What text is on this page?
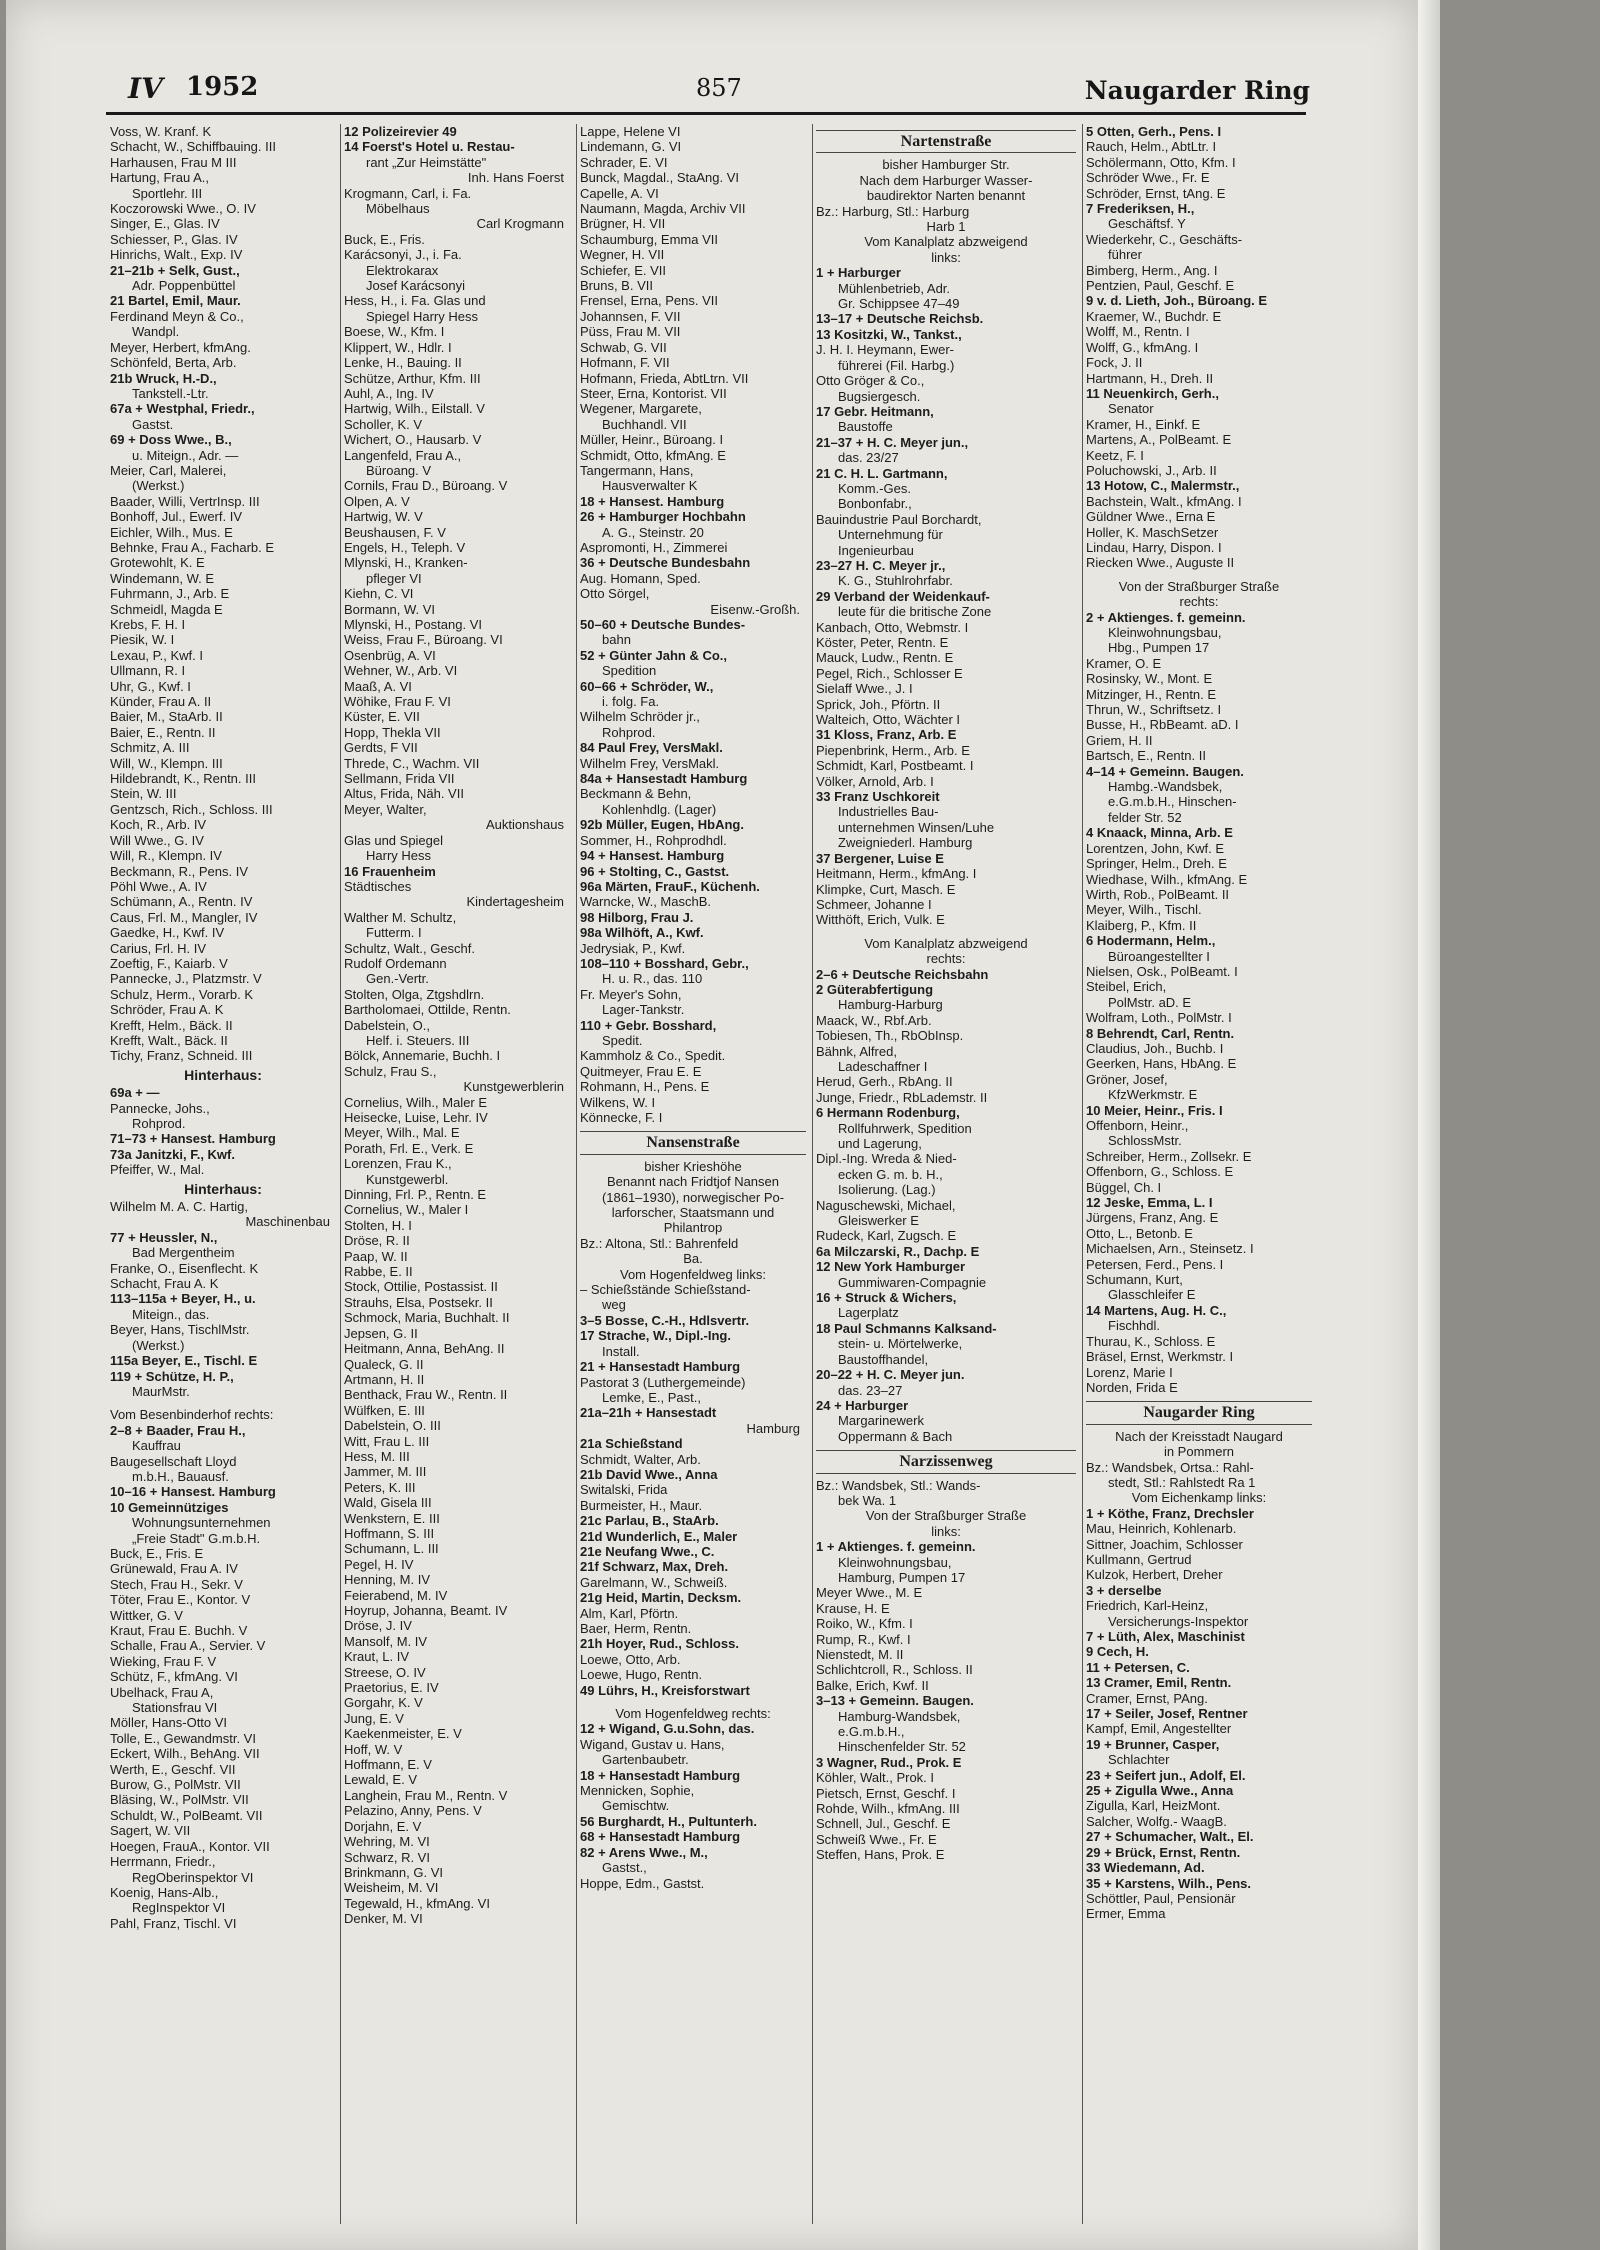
IV 1952	857	Naugarder Ring
Voss, W. Kranf. K
Schacht, W., Schiffbauing. III
Harhausen, Frau M III
Hartung, Frau A.,
Sportlehr. III
Koczorowski Wwe., O. IV
Singer, E., Glas. IV
Schiesser, P., Glas. IV
Hinrichs, Walt., Exp. IV
21–21b + Selk, Gust.,
Adr. Poppenbüttel
21 Bartel, Emil, Maur.
Ferdinand Meyn & Co.,
Wandpl.
Meyer, Herbert, kfmAng.
Schönfeld, Berta, Arb.
21b Wruck, H.-D.,
Tankstell.-Ltr.
67a + Westphal, Friedr.,
Gastst.
69 + Doss Wwe., B.,
u. Miteign., Adr. —
Meier, Carl, Malerei,
(Werkst.)
Baader, Willi, VertrInsp. III
Bonhoff, Jul., Ewerf. IV
Eichler, Wilh., Mus. E
Behnke, Frau A., Facharb. E
Grotewohlt, K. E
Windemann, W. E
Fuhrmann, J., Arb. E
Schmeidl, Magda E
Krebs, F. H. I
Piesik, W. I
Lexau, P., Kwf. I
Ullmann, R. I
Uhr, G., Kwf. I
Künder, Frau A. II
Baier, M., StaArb. II
Baier, E., Rentn. II
Schmitz, A. III
Will, W., Klempn. III
Hildebrandt, K., Rentn. III
Stein, W. III
Gentzsch, Rich., Schloss. III
Koch, R., Arb. IV
Will Wwe., G. IV
Will, R., Klempn. IV
Beckmann, R., Pens. IV
Pöhl Wwe., A. IV
Schümann, A., Rentn. IV
Caus, Frl. M., Mangler, IV
Gaedke, H., Kwf. IV
Carius, Frl. H. IV
Zoeftig, F., Kaiarb. V
Pannecke, J., Platzmstr. V
Schulz, Herm., Vorarb. K
Schröder, Frau A. K
Krefft, Helm., Bäck. II
Krefft, Walt., Bäck. II
Tichy, Franz, Schneid. III
Hinterhaus:
69a + —
Pannecke, Johs.,
Rohprod.
71–73 + Hansest. Hamburg
73a Janitzki, F., Kwf.
Pfeiffer, W., Mal.
Hinterhaus:
Wilhelm M. A. C. Hartig,
Maschinenbau
77 + Heussler, N.,
Bad Mergentheim
Franke, O., Eisenflecht. K
Schacht, Frau A. K
113–115a + Beyer, H., u.
Miteign., das.
Beyer, Hans, TischlMstr.
(Werkst.)
115a Beyer, E., Tischl. E
119 + Schütze, H. P.,
MaurMstr.
Vom Besenbinderhof rechts:
2–8 + Baader, Frau H.,
Kauffrau
Baugesellschaft Lloyd
m.b.H., Bauausf.
10–16 + Hansest. Hamburg
10 Gemeinnütziges
Wohnungsunternehmen
„Freie Stadt" G.m.b.H.
Buck, E., Fris. E
Grünewald, Frau A. IV
Stech, Frau H., Sekr. V
Töter, Frau E., Kontor. V
Wittker, G. V
Kraut, Frau E. Buchh. V
Schalle, Frau A., Servier. V
Wieking, Frau F. V
Schütz, F., kfmAng. VI
Ubelhack, Frau A,
Stationsfrau VI
Möller, Hans-Otto VI
Tolle, E., Gewandmstr. VI
Eckert, Wilh., BehAng. VII
Werth, E., Geschf. VII
Burow, G., PolMstr. VII
Bläsing, W., PolMstr. VII
Schuldt, W., PolBeamt. VII
Sagert, W. VII
Hoegen, FrauA., Kontor. VII
Herrmann, Friedr.,
RegOberinspektor VI
Koenig, Hans-Alb.,
RegInspektor VI
Pahl, Franz, Tischl. VI
12 Polizeirevier 49
14 Foerst's Hotel u. Restau-
rant „Zur Heimstätte"
Inh. Hans Foerst
Krogmann, Carl, i. Fa.
Möbelhaus
Carl Krogmann
Buck, E., Fris.
Karácsonyi, J., i. Fa.
Elektrokarax
Josef Karácsonyi
Hess, H., i. Fa. Glas und
Spiegel Harry Hess
Boese, W., Kfm. I
Klippert, W., Hdlr. I
Lenke, H., Bauing. II
Schütze, Arthur, Kfm. III
Auhl, A., Ing. IV
Hartwig, Wilh., Eilstall. V
Scholler, K. V
Wichert, O., Hausarb. V
Langenfeld, Frau A.,
Büroang. V
Cornils, Frau D., Büroang. V
Olpen, A. V
Hartwig, W. V
Beushausen, F. V
Engels, H., Teleph. V
Mlynski, H., Kranken-
pfleger VI
Kiehn, C. VI
Bormann, W. VI
Mlynski, H., Postang. VI
Weiss, Frau F., Büroang. VI
Osenbrüg, A. VI
Wehner, W., Arb. VI
Maaß, A. VI
Wöhike, Frau F. VI
Küster, E. VII
Hopp, Thekla VII
Gerdts, F VII
Threde, C., Wachm. VII
Sellmann, Frida VII
Altus, Frida, Näh. VII
Meyer, Walter,
Auktionshaus
Glas und Spiegel
Harry Hess
16 Frauenheim
Städtisches
Kindertagesheim
Walther M. Schultz,
Futterm. I
Schultz, Walt., Geschf.
Rudolf Ordemann
Gen.-Vertr.
Stolten, Olga, Ztgshdlrn.
Bartholomaei, Ottilde, Rentn.
Dabelstein, O.,
Helf. i. Steuers. III
Bölck, Annemarie, Buchh. I
Schulz, Frau S.,
Kunstgewerblerin
Cornelius, Wilh., Maler E
Heisecke, Luise, Lehr. IV
Meyer, Wilh., Mal. E
Porath, Frl. E., Verk. E
Lorenzen, Frau K.,
Kunstgewerbl.
Dinning, Frl. P., Rentn. E
Cornelius, W., Maler I
Stolten, H. I
Dröse, R. II
Paap, W. II
Rabbe, E. II
Stock, Ottilie, Postassist. II
Strauhs, Elsa, Postsekr. II
Schmock, Maria, Buchhalt. II
Jepsen, G. II
Heitmann, Anna, BehAng. II
Qualeck, G. II
Artmann, H. II
Benthack, Frau W., Rentn. II
Wülfken, E. III
Dabelstein, O. III
Witt, Frau L. III
Hess, M. III
Jammer, M. III
Peters, K. III
Wald, Gisela III
Wenkstern, E. III
Hoffmann, S. III
Schumann, L. III
Pegel, H. IV
Henning, M. IV
Feierabend, M. IV
Hoyrup, Johanna, Beamt. IV
Dröse, J. IV
Mansolf, M. IV
Kraut, L. IV
Streese, O. IV
Praetorius, E. IV
Gorgahr, K. V
Jung, E. V
Kaekenmeister, E. V
Hoff, W. V
Hoffmann, E. V
Lewald, E. V
Langhein, Frau M., Rentn. V
Pelazino, Anny, Pens. V
Dorjahn, E. V
Wehring, M. VI
Schwarz, R. VI
Brinkmann, G. VI
Weisheim, M. VI
Tegewald, H., kfmAng. VI
Denker, M. VI
Lappe, Helene VI
Lindemann, G. VI
Schrader, E. VI
Bunck, Magdal., StaAng. VI
Capelle, A. VI
Naumann, Magda, Archiv VII
Brügner, H. VII
Schaumburg, Emma VII
Wegner, H. VII
Schiefer, E. VII
Bruns, B. VII
Frensel, Erna, Pens. VII
Johannsen, F. VII
Püss, Frau M. VII
Schwab, G. VII
Hofmann, F. VII
Hofmann, Frieda, AbtLtrn. VII
Steer, Erna, Kontorist. VII
Wegener, Margarete,
Buchhandl. VII
Müller, Heinr., Büroang. I
Schmidt, Otto, kfmAng. E
Tangermann, Hans,
Hausverwalter K
18 + Hansest. Hamburg
26 + Hamburger Hochbahn
A. G., Steinstr. 20
Aspromonti, H., Zimmerei
36 + Deutsche Bundesbahn
Aug. Homann, Sped.
Otto Sörgel,
Eisenw.-Großh.
50–60 + Deutsche Bundes-
bahn
52 + Günter Jahn & Co.,
Spedition
60–66 + Schröder, W.,
i. folg. Fa.
Wilhelm Schröder jr.,
Rohprod.
84 Paul Frey, VersMakl.
Wilhelm Frey, VersMakl.
84a + Hansestadt Hamburg
Beckmann & Behn,
Kohlenhdlg. (Lager)
92b Müller, Eugen, HbAng.
Sommer, H., Rohprodhdl.
94 + Hansest. Hamburg
96 + Stolting, C., Gastst.
96a Märten, FrauF., Küchenh.
Warncke, W., MaschB.
98 Hilborg, Frau J.
98a Wilhöft, A., Kwf.
Jedrysiak, P., Kwf.
108–110 + Bosshard, Gebr.,
H. u. R., das. 110
Fr. Meyer's Sohn,
Lager-Tankstr.
110 + Gebr. Bosshard,
Spedit.
Kammholz & Co., Spedit.
Quitmeyer, Frau E. E
Rohmann, H., Pens. E
Wilkens, W. I
Könnecke, F. I
Nansenstraße
bisher Krieshöhe
Benannt nach Fridtjof Nansen
(1861–1930), norwegischer Po-
larforscher, Staatsmann und
Philantrop
Bz.: Altona, Stl.: Bahrenfeld
Ba.
Vom Hogenfeldweg links:
– Schießstände Schießstand-
weg
3–5 Bosse, C.-H., Hdlsvertr.
17 Strache, W., Dipl.-Ing.
Install.
21 + Hansestadt Hamburg
Pastorat 3 (Luthergemeinde)
Lemke, E., Past.,
21a–21h + Hansestadt
Hamburg
21a Schießstand
Schmidt, Walter, Arb.
21b David Wwe., Anna
Switalski, Frida
Burmeister, H., Maur.
21c Parlau, B., StaArb.
21d Wunderlich, E., Maler
21e Neufang Wwe., C.
21f Schwarz, Max, Dreh.
Garelmann, W., Schweiß.
21g Heid, Martin, Decksm.
Alm, Karl, Pförtn.
Baer, Herm, Rentn.
21h Hoyer, Rud., Schloss.
Loewe, Otto, Arb.
Loewe, Hugo, Rentn.
49 Lührs, H., Kreisforstwart
Vom Hogenfeldweg rechts:
12 + Wigand, G.u.Sohn, das.
Wigand, Gustav u. Hans,
Gartenbaubetr.
18 + Hansestadt Hamburg
Mennicken, Sophie,
Gemischtw.
56 Burghardt, H., Pultunterh.
68 + Hansestadt Hamburg
82 + Arens Wwe., M.,
Gastst.,
Hoppe, Edm., Gastst.
Nartenstraße
bisher Hamburger Str.
Nach dem Harburger Wasser-
baudirektor Narten benannt
Bz.: Harburg, Stl.: Harburg
Harb 1
Vom Kanalplatz abzweigend
links:
1 + Harburger
Mühlenbetrieb, Adr.
Gr. Schippsee 47–49
13–17 + Deutsche Reichsb.
13 Kositzki, W., Tankst.,
J. H. I. Heymann, Ewer-
führerei (Fil. Harbg.)
Otto Gröger & Co.,
Bugsiergesch.
17 Gebr. Heitmann,
Baustoffe
21–37 + H. C. Meyer jun.,
das. 23/27
21 C. H. L. Gartmann,
Komm.-Ges.
Bonbonfabr.,
Bauindustrie Paul Borchardt,
Unternehmung für
Ingenieurbau
23–27 H. C. Meyer jr.,
K. G., Stuhlrohrfabr.
29 Verband der Weidenkauf-
leute für die britische Zone
Kanbach, Otto, Webmstr. I
Köster, Peter, Rentn. E
Mauck, Ludw., Rentn. E
Pegel, Rich., Schlosser E
Sielaff Wwe., J. I
Sprick, Joh., Pförtn. II
Walteich, Otto, Wächter I
31 Kloss, Franz, Arb. E
Piepenbrink, Herm., Arb. E
Schmidt, Karl, Postbeamt. I
Völker, Arnold, Arb. I
33 Franz Uschkoreit
Industrielles Bau-
unternehmen Winsen/Luhe
Zweigniederl. Hamburg
37 Bergener, Luise E
Heitmann, Herm., kfmAng. I
Klimpke, Curt, Masch. E
Schmeer, Johanne I
Witthöft, Erich, Vulk. E
Vom Kanalplatz abzweigend
rechts:
2–6 + Deutsche Reichsbahn
2 Güterabfertigung
Hamburg-Harburg
Maack, W., Rbf.Arb.
Tobiesen, Th., RbObInsp.
Bähnk, Alfred,
Ladeschaffner I
Herud, Gerh., RbAng. II
Junge, Friedr., RbLademstr. II
6 Hermann Rodenburg,
Rollfuhrwerk, Spedition
und Lagerung,
Dipl.-Ing. Wreda & Nied-
ecken G. m. b. H.,
Isolierung. (Lag.)
Naguschewski, Michael,
Gleiswerker E
Rudeck, Karl, Zugsch. E
6a Milczarski, R., Dachp. E
12 New York Hamburger
Gummiwaren-Compagnie
16 + Struck & Wichers,
Lagerplatz
18 Paul Schmanns Kalksand-
stein- u. Mörtelwerke,
Baustoffhandel,
20–22 + H. C. Meyer jun.
das. 23–27
24 + Harburger
Margarinewerk
Oppermann & Bach
Narzissenweg
Bz.: Wandsbek, Stl.: Wands-
bek Wa. 1
Von der Straßburger Straße
links:
1 + Aktienges. f. gemeinn.
Kleinwohnungsbau,
Hamburg, Pumpen 17
Meyer Wwe., M. E
Krause, H. E
Roiko, W., Kfm. I
Rump, R., Kwf. I
Nienstedt, M. II
Schlichtcroll, R., Schloss. II
Balke, Erich, Kwf. II
3–13 + Gemeinn. Baugen.
Hamburg-Wandsbek,
e.G.m.b.H.,
Hinschenfelder Str. 52
3 Wagner, Rud., Prok. E
Köhler, Walt., Prok. I
Pietsch, Ernst, Geschf. I
Rohde, Wilh., kfmAng. III
Schnell, Jul., Geschf. E
Schweiß Wwe., Fr. E
Steffen, Hans, Prok. E
5 Otten, Gerh., Pens. I
Rauch, Helm., AbtLtr. I
Schölermann, Otto, Kfm. I
Schröder Wwe., Fr. E
Schröder, Ernst, tAng. E
7 Frederiksen, H.,
Geschäftsf. Y
Wiederkehr, C., Geschäfts-
führer
Bimberg, Herm., Ang. I
Pentzien, Paul, Geschf. E
9 v. d. Lieth, Joh., Büroang. E
Kraemer, W., Buchdr. E
Wolff, M., Rentn. I
Wolff, G., kfmAng. I
Fock, J. II
Hartmann, H., Dreh. II
11 Neuenkirch, Gerh.,
Senator
Kramer, H., Einkf. E
Martens, A., PolBeamt. E
Keetz, F. I
Poluchowski, J., Arb. II
13 Hotow, C., Malermstr.,
Bachstein, Walt., kfmAng. I
Güldner Wwe., Erna E
Holler, K. MaschSetzer
Lindau, Harry, Dispon. I
Riecken Wwe., Auguste II
Von der Straßburger Straße
rechts:
2 + Aktienges. f. gemeinn.
Kleinwohnungsbau,
Hbg., Pumpen 17
Kramer, O. E
Rosinsky, W., Mont. E
Mitzinger, H., Rentn. E
Thrun, W., Schriftsetz. I
Busse, H., RbBeamt. aD. I
Griem, H. II
Bartsch, E., Rentn. II
4–14 + Gemeinn. Baugen.
Hambg.-Wandsbek,
e.G.m.b.H., Hinschen-
felder Str. 52
4 Knaack, Minna, Arb. E
Lorentzen, John, Kwf. E
Springer, Helm., Dreh. E
Wiedhase, Wilh., kfmAng. E
Wirth, Rob., PolBeamt. II
Meyer, Wilh., Tischl.
Klaiberg, P., Kfm. II
6 Hodermann, Helm.,
Büroangestellter I
Nielsen, Osk., PolBeamt. I
Steibel, Erich,
PolMstr. aD. E
Wolfram, Loth., PolMstr. I
8 Behrendt, Carl, Rentn.
Claudius, Joh., Buchb. I
Geerken, Hans, HbAng. E
Gröner, Josef,
KfzWerkmstr. E
10 Meier, Heinr., Fris. I
Offenborn, Heinr.,
SchlossMstr.
Schreiber, Herm., Zollsekr. E
Offenborn, G., Schloss. E
Büggel, Ch. I
12 Jeske, Emma, L. I
Jürgens, Franz, Ang. E
Otto, L., Betonb. E
Michaelsen, Arn., Steinsetz. I
Petersen, Ferd., Pens. I
Schumann, Kurt,
Glasschleifer E
14 Martens, Aug. H. C.,
Fischhdl.
Thurau, K., Schloss. E
Bräsel, Ernst, Werkmstr. I
Lorenz, Marie I
Norden, Frida E
Naugarder Ring
Nach der Kreisstadt Naugard
in Pommern
Bz.: Wandsbek, Ortsa.: Rahl-
stedt, Stl.: Rahlstedt Ra 1
Vom Eichenkamp links:
1 + Köthe, Franz, Drechsler
Mau, Heinrich, Kohlenarb.
Sittner, Joachim, Schlosser
Kullmann, Gertrud
Kulzok, Herbert, Dreher
3 + derselbe
Friedrich, Karl-Heinz,
Versicherungs-Inspektor
7 + Lüth, Alex, Maschinist
9 Cech, H.
11 + Petersen, C.
13 Cramer, Emil, Rentn.
Cramer, Ernst, PAng.
17 + Seiler, Josef, Rentner
Kampf, Emil, Angestellter
19 + Brunner, Casper,
Schlachter
23 + Seifert jun., Adolf, El.
25 + Zigulla Wwe., Anna
Zigulla, Karl, HeizMont.
Salcher, Wolfg.- WaagB.
27 + Schumacher, Walt., El.
29 + Brück, Ernst, Rentn.
33 Wiedemann, Ad.
35 + Karstens, Wilh., Pens.
Schöttler, Paul, Pensionär
Ermer, Emma
